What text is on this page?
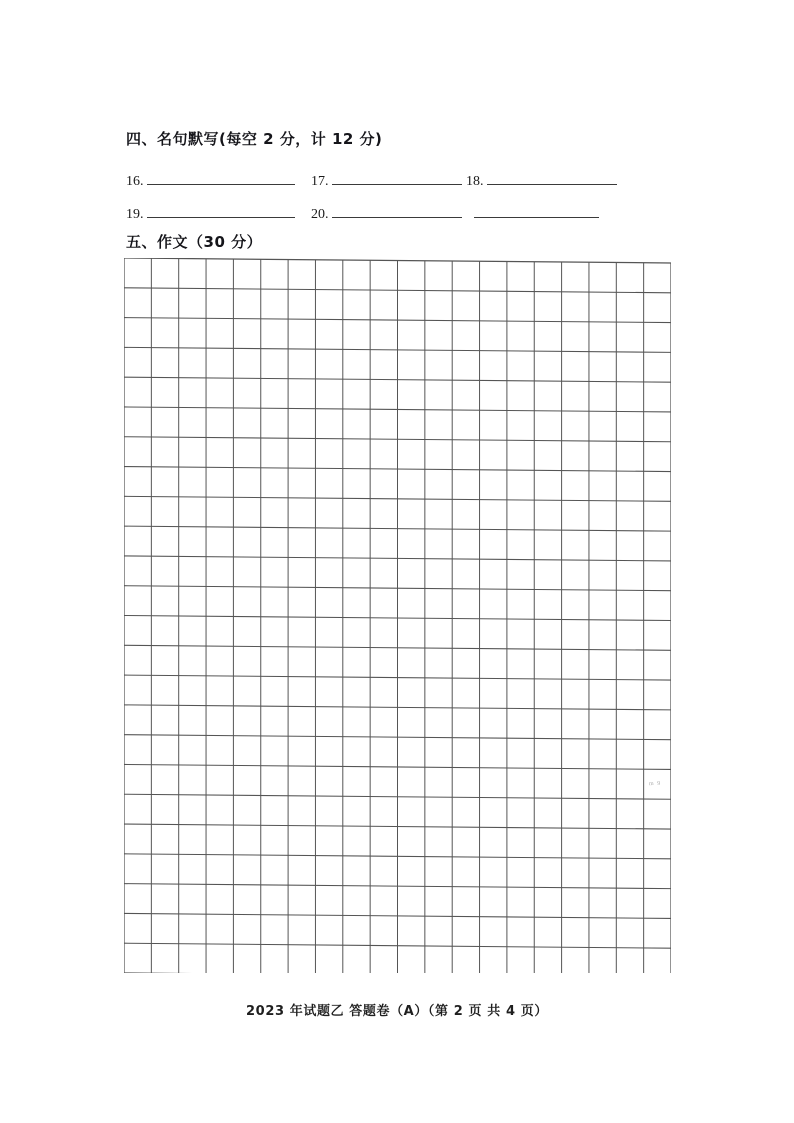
四、名句默写(每空 2 分，计 12 分)
16.	17.	18.
19.	20.
五、作文（30 分）
m 9
2023 年试题乙 答题卷（A）（第 2 页 共 4 页）
